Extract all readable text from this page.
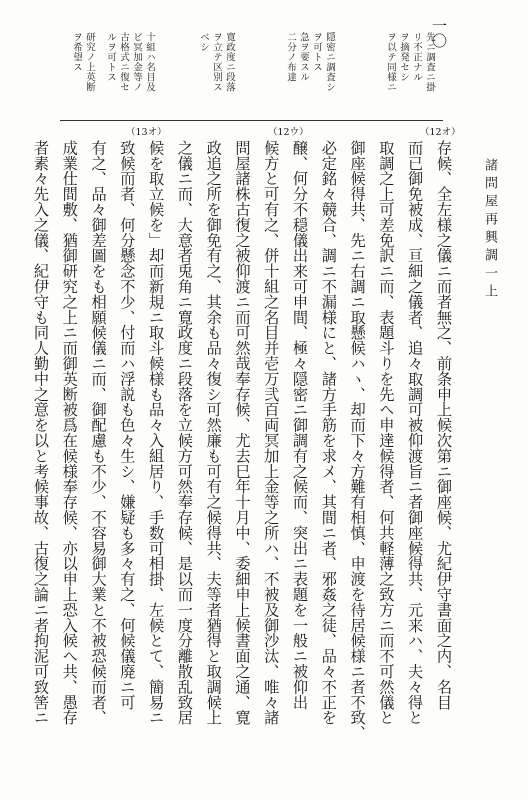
一〇
諸問屋再興調一上
先ニ調査ニ掛
リ不正ナル
ヲ摘発セシ
ヲ以テ同様ニ
隠密ニ調査シ
ヲ可トス
急ヲ要スル
二分ノ布達
寛政度ニ段落
ヲ立テ区別ス
ベシ
十組ハ名目及
ビ冥加金等ノ
古格式ニ復セ
ルヲ可トス
研究ノ上英断
ヲ希望ス
（12オ）
（12ウ）
（13オ）
存候、全左様之儀ニ而者無之、前条申上候次第ニ御座候、尤紀伊守書面之内、名目
而已御免被成、亘細之儀者、追々取調可被仰渡旨ニ者御座候得共、元来ハ、夫々得と
取調之上可差免訳ニ而、表題斗りを先ヘ申達候得者、何共軽薄之致方ニ而不可然儀と
御座候得共、先ニ右調ニ取懸候ハヽ、却而下々方難有相慎、申渡を待居候様ニ者不致、
必定銘々競合、調ニ不漏様にと、諸方手筋を求メ、其間ニ者、邪姦之徒、品々不正を
醸、何分不穏儀出来可申間、極々隠密ニ御調有之候而、突出ニ表題を一般ニ被仰出
候方と可有之、併十組之名目并壱万弐百両冥加上金等之所ハ、不被及御沙汰、唯々諸
問屋諸株古復之被仰渡ニ而可然哉奉存候、尤去巳年十月中、委細申上候書面之通、寛
政追之所を御免有之、其余も品々復シ可然廉も可有之候得共、夫等者猶得と取調候上
之儀ニ而、大意者兎角ニ寛政度ニ段落を立候方可然奉存候、是以而一度分離散乱致居
候を取立候を」却而新規ニ取斗候様も品々入組居り、手数可相掛、左候とて、簡易ニ
致候而者、何分懸念不少、付而ハ浮説も色々生シ、嫌疑も多々有之、何候儀廃ニ可
有之、品々御差圖をも相願候儀ニ而、御配慮も不少、不容易御大業と不被恐候而者、
成業仕間敷、猶御研究之上ニ而御英断被爲在候様奉存候、亦以申上恐入候へ共、愚存
者素々先入之儀、紀伊守も同人勤中之意を以と考候事故、古復之論ニ者拘泥可致筈ニ
